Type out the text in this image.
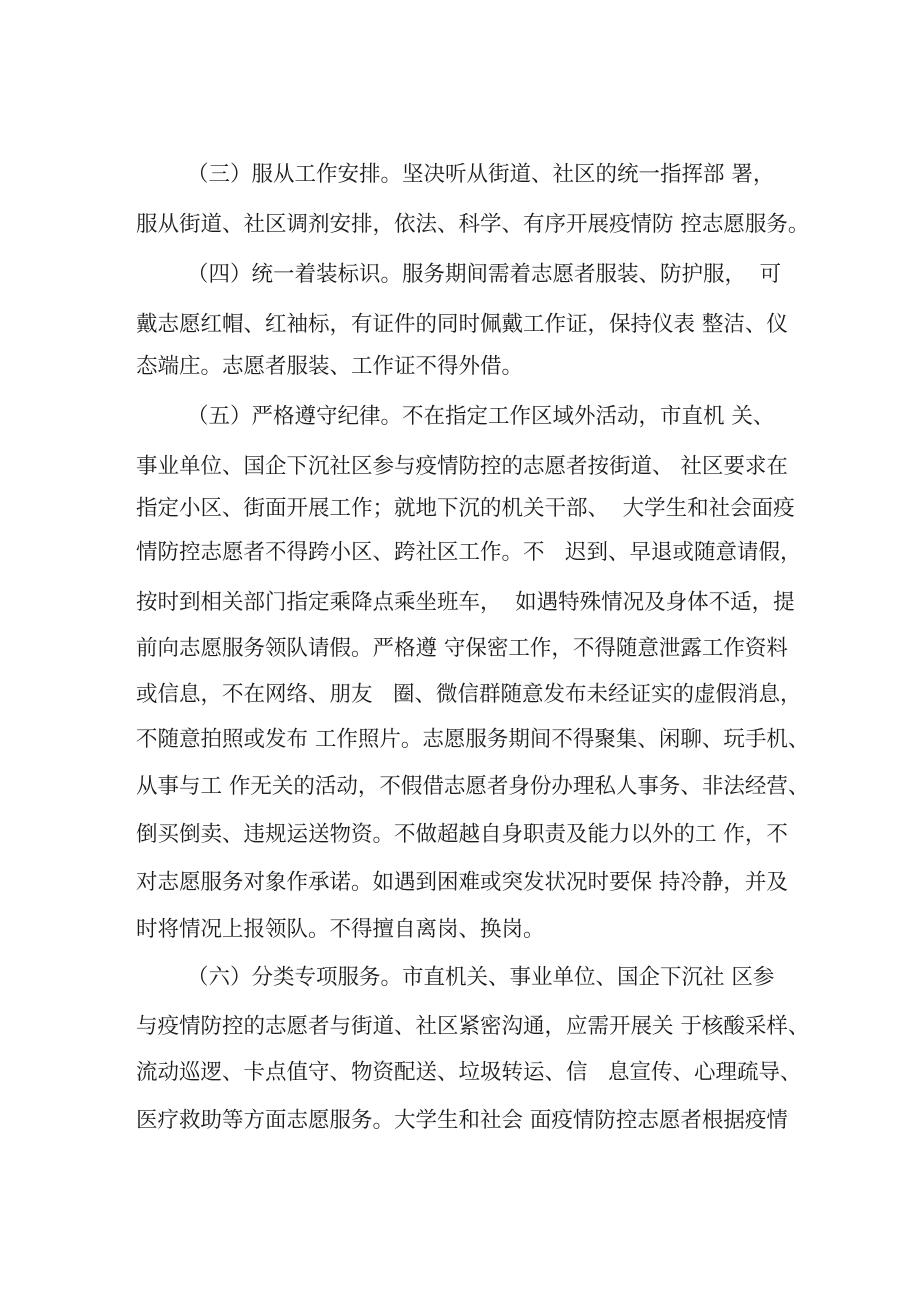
（三）服从工作安排。坚决听从街道、社区的统一指挥部 署，

服从街道、社区调剂安排，依法、科学、有序开展疫情防 控志愿服务。

（四）统一着装标识。服务期间需着志愿者服装、防护服，  可

戴志愿红帽、红袖标，有证件的同时佩戴工作证，保持仪表 整洁、仪

态端庄。志愿者服装、工作证不得外借。

（五）严格遵守纪律。不在指定工作区域外活动，市直机 关、

事业单位、国企下沉社区参与疫情防控的志愿者按街道、 社区要求在

指定小区、街面开展工作；就地下沉的机关干部、  大学生和社会面疫

情防控志愿者不得跨小区、跨社区工作。不   迟到、早退或随意请假，

按时到相关部门指定乘降点乘坐班车，  如遇特殊情况及身体不适，提

前向志愿服务领队请假。严格遵 守保密工作，不得随意泄露工作资料

或信息，不在网络、朋友   圈、微信群随意发布未经证实的虚假消息，

不随意拍照或发布 工作照片。志愿服务期间不得聚集、闲聊、玩手机、

从事与工 作无关的活动，不假借志愿者身份办理私人事务、非法经营、

倒买倒卖、违规运送物资。不做超越自身职责及能力以外的工 作，不

对志愿服务对象作承诺。如遇到困难或突发状况时要保 持冷静，并及

时将情况上报领队。不得擅自离岗、换岗。

（六）分类专项服务。市直机关、事业单位、国企下沉社 区参

与疫情防控的志愿者与街道、社区紧密沟通，应需开展关 于核酸采样、

流动巡逻、卡点值守、物资配送、垃圾转运、信   息宣传、心理疏导、

医疗救助等方面志愿服务。大学生和社会 面疫情防控志愿者根据疫情
